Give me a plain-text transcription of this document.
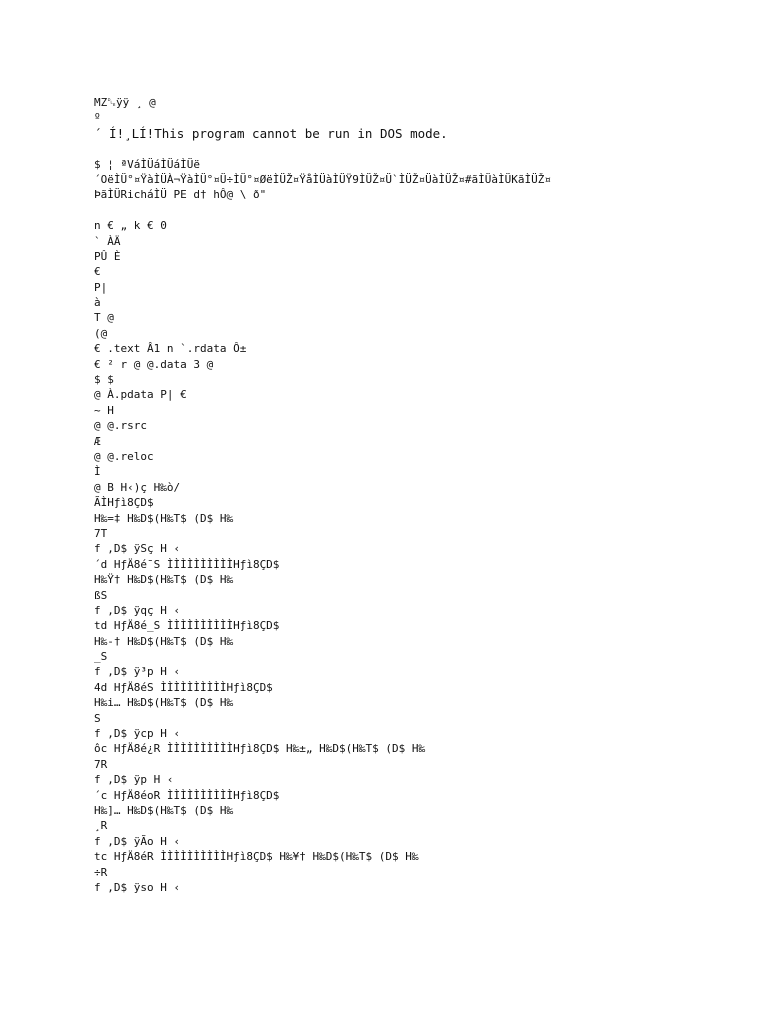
MZ␐ÿÿ ¸ @
º
´ Í!¸LÍ!This program cannot be run in DOS mode.
$ ¦ ªVáÌÜáÌÜáÌÜë
´OëÌÜ°¤ŸàÌÜÀ¬ŸàÌÜ°¤Ü÷ÌÜ°¤ØëÌÜŽ¤ŸåÌÜàÌÜŸ9ÌÜŽ¤Ü`ÌÜŽ¤ÜàÌÜŽ¤#ãÌÜàÌÜKãÌÜŽ¤
ÞãÌÜRicháÌÜ PE d† hÔ@ \ ð"
n € „ k € 0
` ÀÄ
PÛ È
€
P|
à
T @
(@
€ .text Â1 n `.rdata Ô±
€ ² r @ @.data 3 @
$ $
@ À.pdata P| €
~ H
@ @.rsrc
Æ
@ @.reloc
Ì
@ B H‹)ç H‰ò/
ÃÌHƒì8ÇD$
H‰=‡ H‰D$(H‰T$ (D$ H‰
7T
f ,D$ ÿSç H ‹
´d HƒÄ8é¯S ÌÌÌÌÌÌÌÌÌÌHƒì8ÇD$
H‰Ÿ† H‰D$(H‰T$ (D$ H‰
ßS
f ,D$ ÿqç H ‹
td HƒÄ8é_S ÌÌÌÌÌÌÌÌÌÌHƒì8ÇD$
H‰-† H‰D$(H‰T$ (D$ H‰
_S
f ,D$ ÿ³p H ‹
4d HƒÄ8éS ÌÌÌÌÌÌÌÌÌÌHƒì8ÇD$
H‰i… H‰D$(H‰T$ (D$ H‰
S
f ,D$ ÿcp H ‹
ôc HƒÄ8é¿R ÌÌÌÌÌÌÌÌÌÌHƒì8ÇD$ H‰±„ H‰D$(H‰T$ (D$ H‰
7R
f ,D$ ÿp H ‹
´c HƒÄ8éoR ÌÌÌÌÌÌÌÌÌÌHƒì8ÇD$
H‰]… H‰D$(H‰T$ (D$ H‰
¸R
f ,D$ ÿÃo H ‹
tc HƒÄ8éR ÌÌÌÌÌÌÌÌÌÌHƒì8ÇD$ H‰¥† H‰D$(H‰T$ (D$ H‰
÷R
f ,D$ ÿso H ‹
